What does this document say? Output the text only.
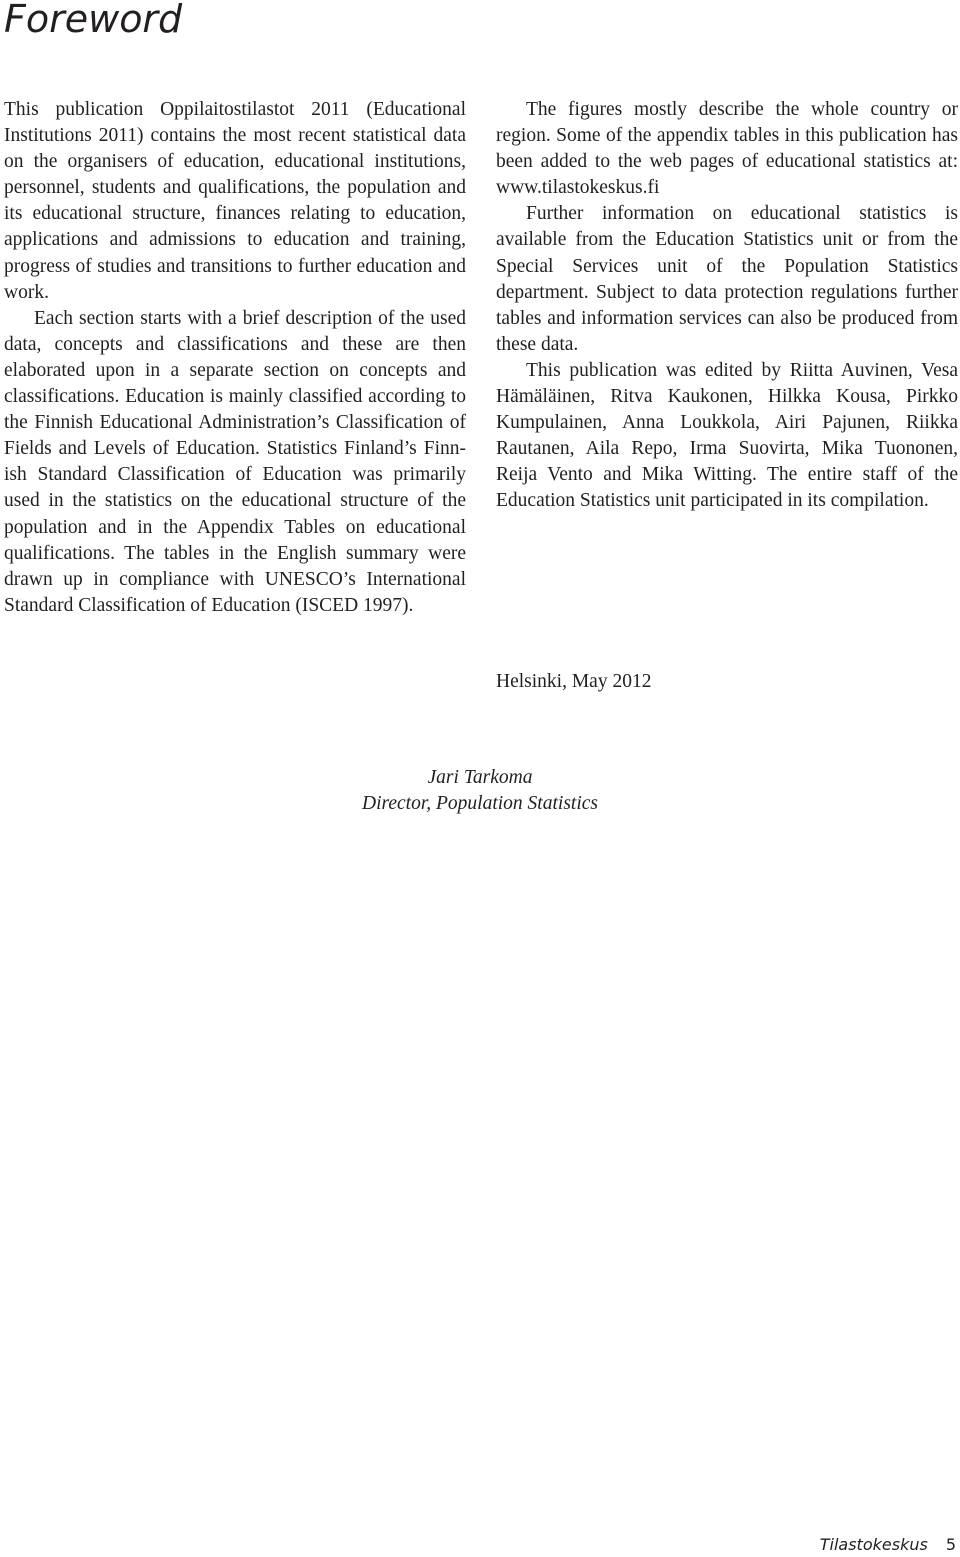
Foreword

This publication Oppilaitostilastot 2011 (Educational Institutions 2011) contains the most recent statistical data on the organisers of education, educational institutions, personnel, students and qualifications, the population and its educational structure, finances relating to education, applications and admissions to education and training, progress of studies and transitions to further education and work.

Each section starts with a brief description of the used data, concepts and classifications and these are then elaborated upon in a separate section on concepts and classifications. Education is mainly classified according to the Finnish Educational Administration’s Classification of Fields and Levels of Education. Statistics Finland’s Finnish Standard Classification of Education was primarily used in the statistics on the educational structure of the population and in the Appendix Tables on educational qualifications. The tables in the English summary were drawn up in compliance with UNESCO’s International Standard Classification of Education (ISCED 1997).

The figures mostly describe the whole country or region. Some of the appendix tables in this publication has been added to the web pages of educational statistics at: www.tilastokeskus.fi

Further information on educational statistics is available from the Education Statistics unit or from the Special Services unit of the Population Statistics department. Subject to data protection regulations further tables and information services can also be produced from these data.

This publication was edited by Riitta Auvinen, Vesa Hämäläinen, Ritva Kaukonen, Hilkka Kousa, Pirkko Kumpulainen, Anna Loukkola, Airi Pajunen, Riikka Rautanen, Aila Repo, Irma Suovirta, Mika Tuononen, Reija Vento and Mika Witting. The entire staff of the Education Statistics unit participated in its compilation.

Helsinki, May 2012
Jari Tarkoma
Director, Population Statistics
Tilastokeskus 5
